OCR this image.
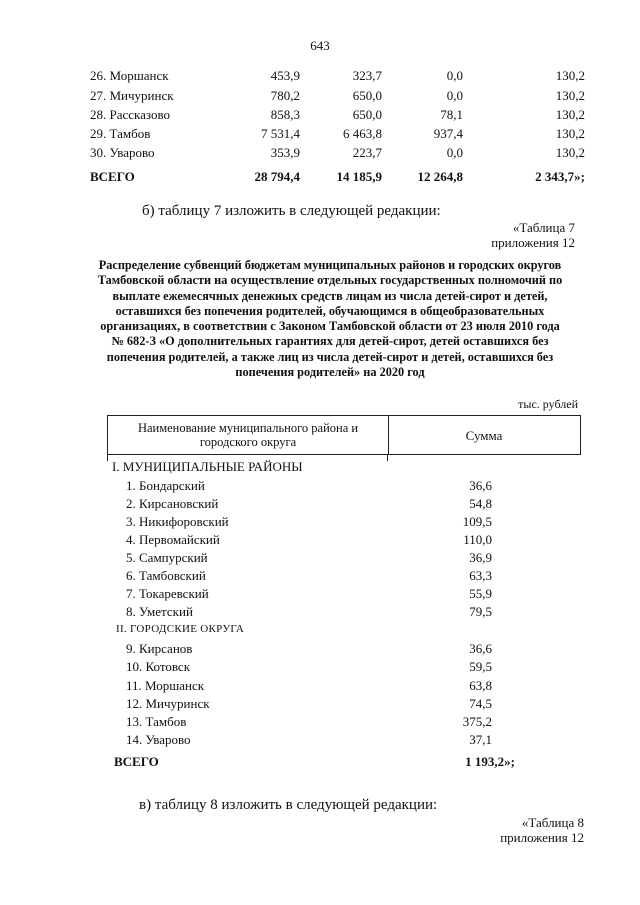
643
26. Моршанск	453,9	323,7	0,0	130,2
27. Мичуринск	780,2	650,0	0,0	130,2
28. Рассказово	858,3	650,0	78,1	130,2
29. Тамбов	7 531,4	6 463,8	937,4	130,2
30. Уварово	353,9	223,7	0,0	130,2
ВСЕГО	28 794,4	14 185,9	12 264,8	2 343,7»;
б) таблицу 7 изложить в следующей редакции:
«Таблица 7
приложения 12
Распределение субвенций бюджетам муниципальных районов и городских округов Тамбовской области на осуществление отдельных государственных полномочий по выплате ежемесячных денежных средств лицам из числа детей-сирот и детей, оставшихся без попечения родителей, обучающимся в общеобразовательных организациях, в соответствии с Законом Тамбовской области от 23 июля 2010 года № 682-З «О дополнительных гарантиях для детей-сирот, детей оставшихся без попечения родителей, а также лиц из числа детей-сирот и детей, оставшихся без попечения родителей» на 2020 год
тыс. рублей
Наименование муниципального района и городского округа	Сумма
I. МУНИЦИПАЛЬНЫЕ РАЙОНЫ
1. Бондарский	36,6
2. Кирсановский	54,8
3. Никифоровский	109,5
4. Первомайский	110,0
5. Сампурский	36,9
6. Тамбовский	63,3
7. Токаревский	55,9
8. Уметский	79,5
II. ГОРОДСКИЕ ОКРУГА
9. Кирсанов	36,6
10. Котовск	59,5
11. Моршанск	63,8
12. Мичуринск	74,5
13. Тамбов	375,2
14. Уварово	37,1
ВСЕГО	1 193,2»;
в) таблицу 8 изложить в следующей редакции:
«Таблица 8
приложения 12
